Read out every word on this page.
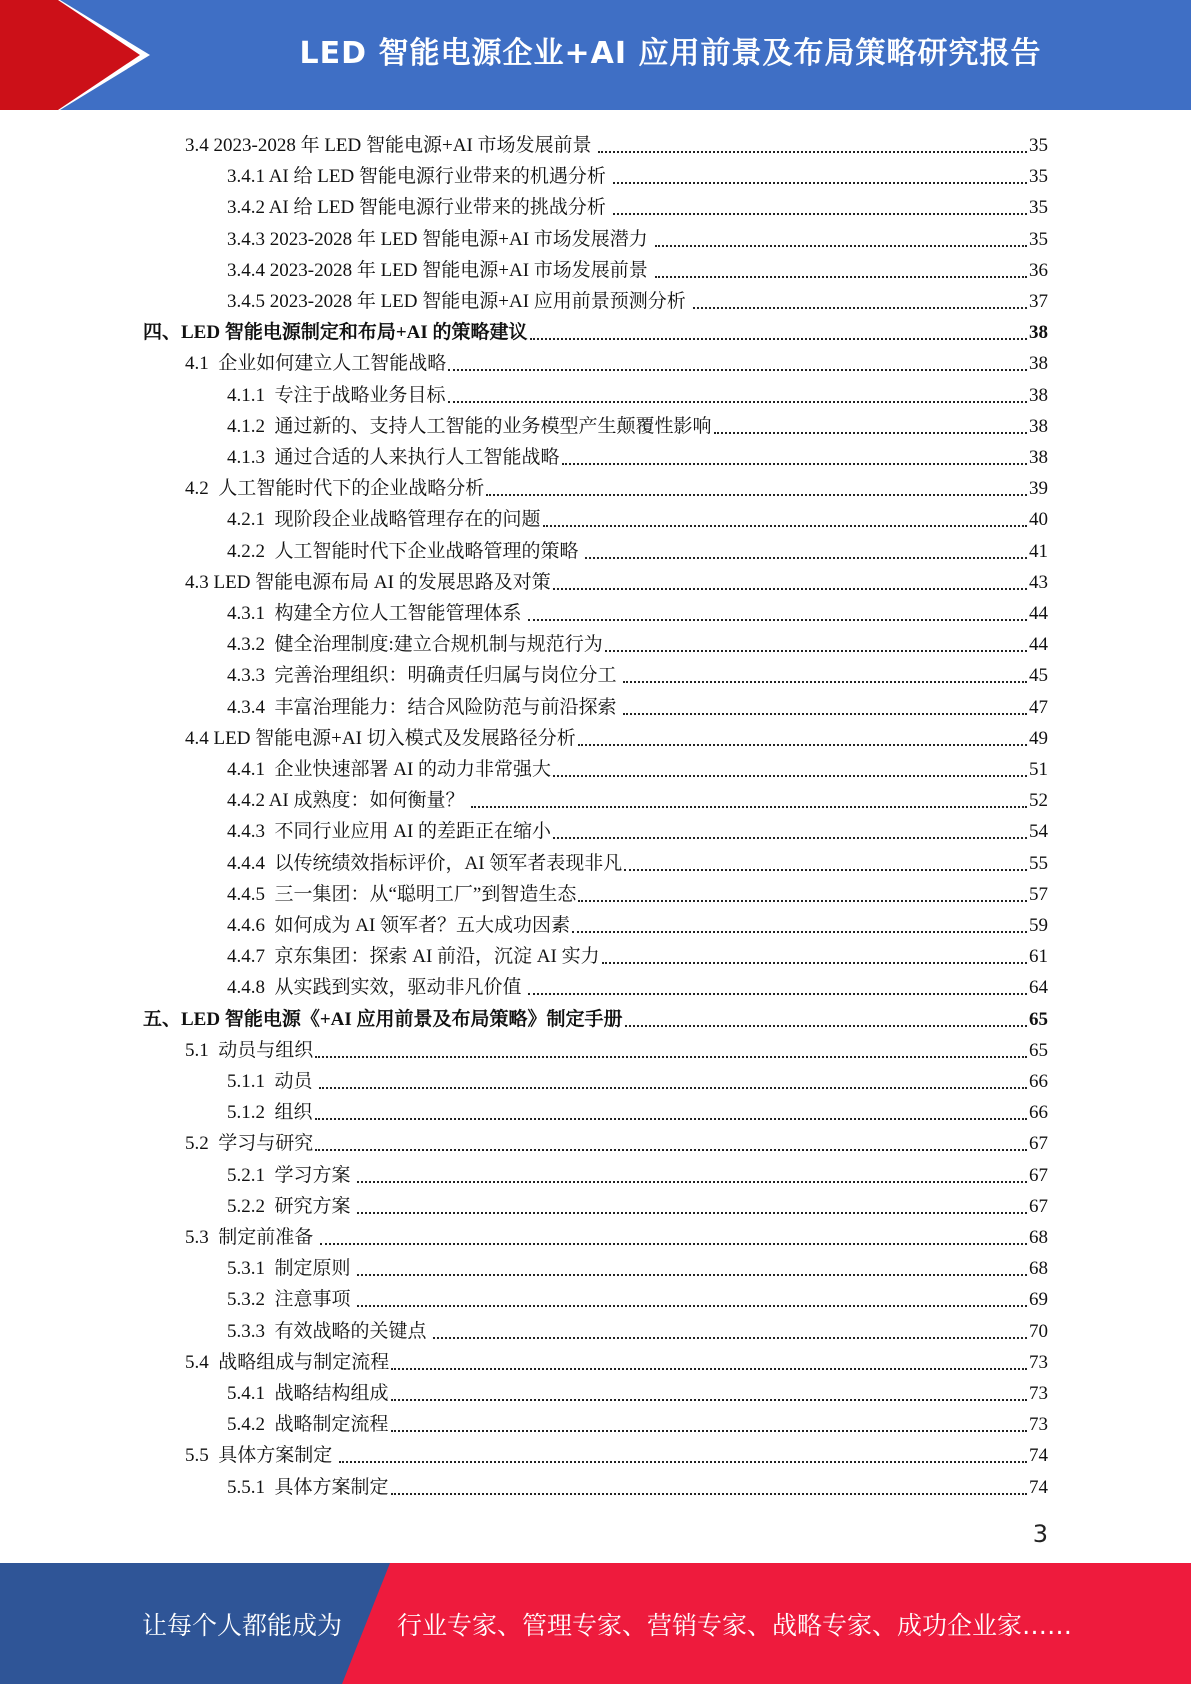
LED 智能电源企业+AI 应用前景及布局策略研究报告
3.4 2023-2028 年 LED 智能电源+AI 市场发展前景	35
3.4.1 AI 给 LED 智能电源行业带来的机遇分析	35
3.4.2 AI 给 LED 智能电源行业带来的挑战分析	35
3.4.3 2023-2028 年 LED 智能电源+AI 市场发展潜力	35
3.4.4 2023-2028 年 LED 智能电源+AI 市场发展前景	36
3.4.5 2023-2028 年 LED 智能电源+AI 应用前景预测分析	37
四、LED 智能电源制定和布局+AI 的策略建议	38
4.1  企业如何建立人工智能战略	38
4.1.1  专注于战略业务目标	38
4.1.2  通过新的、支持人工智能的业务模型产生颠覆性影响	38
4.1.3  通过合适的人来执行人工智能战略	38
4.2  人工智能时代下的企业战略分析	39
4.2.1  现阶段企业战略管理存在的问题	40
4.2.2  人工智能时代下企业战略管理的策略	41
4.3 LED 智能电源布局 AI 的发展思路及对策	43
4.3.1  构建全方位人工智能管理体系	44
4.3.2  健全治理制度:建立合规机制与规范行为	44
4.3.3  完善治理组织：明确责任归属与岗位分工	45
4.3.4  丰富治理能力：结合风险防范与前沿探索	47
4.4 LED 智能电源+AI 切入模式及发展路径分析	49
4.4.1  企业快速部署 AI 的动力非常强大	51
4.4.2 AI 成熟度：如何衡量？	52
4.4.3  不同行业应用 AI 的差距正在缩小	54
4.4.4  以传统绩效指标评价，AI 领军者表现非凡	55
4.4.5  三一集团：从“聪明工厂”到智造生态	57
4.4.6  如何成为 AI 领军者？五大成功因素	59
4.4.7  京东集团：探索 AI 前沿，沉淀 AI 实力	61
4.4.8  从实践到实效，驱动非凡价值	64
五、LED 智能电源《+AI 应用前景及布局策略》制定手册	65
5.1  动员与组织	65
5.1.1  动员	66
5.1.2  组织	66
5.2  学习与研究	67
5.2.1  学习方案	67
5.2.2  研究方案	67
5.3  制定前准备	68
5.3.1  制定原则	68
5.3.2  注意事项	69
5.3.3  有效战略的关键点	70
5.4  战略组成与制定流程	73
5.4.1  战略结构组成	73
5.4.2  战略制定流程	73
5.5  具体方案制定	74
5.5.1  具体方案制定	74
3
让每个人都能成为 行业专家、管理专家、营销专家、战略专家、成功企业家……
